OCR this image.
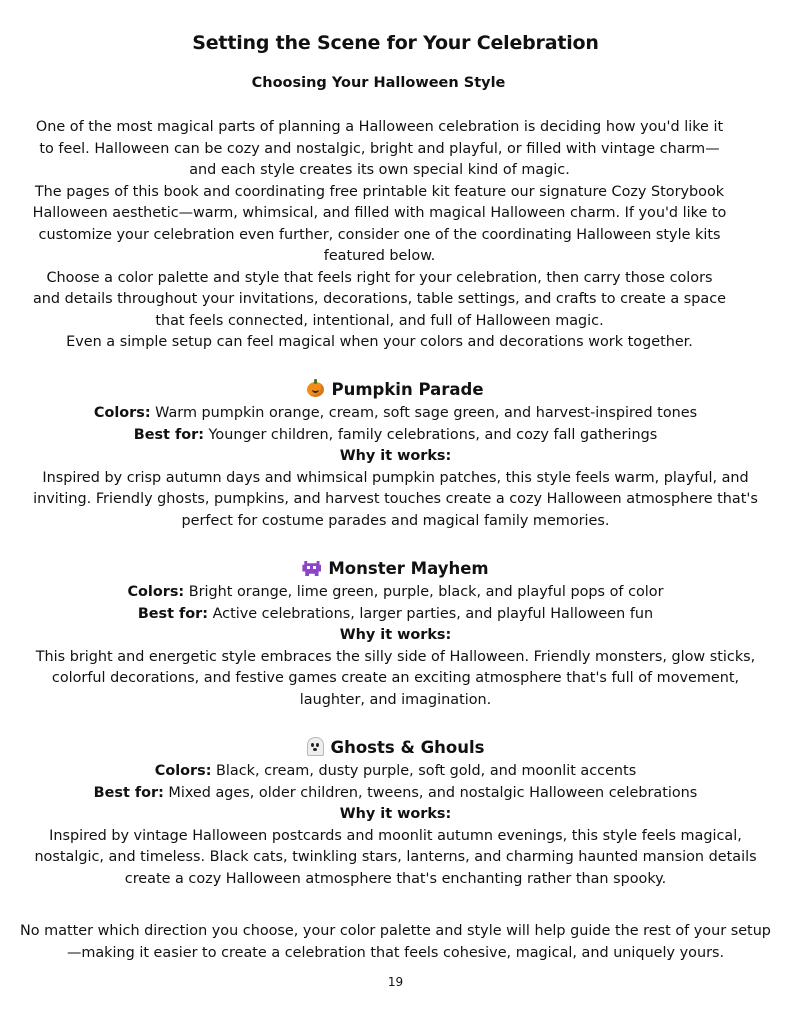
Setting the Scene for Your Celebration
Choosing Your Halloween Style

One of the most magical parts of planning a Halloween celebration is deciding how you'd like it to feel. Halloween can be cozy and nostalgic, bright and playful, or filled with vintage charm—and each style creates its own special kind of magic.

The pages of this book and coordinating free printable kit feature our signature Cozy Storybook Halloween aesthetic—warm, whimsical, and filled with magical Halloween charm. If you'd like to customize your celebration even further, consider one of the coordinating Halloween style kits featured below.

Choose a color palette and style that feels right for your celebration, then carry those colors and details throughout your invitations, decorations, table settings, and crafts to create a space that feels connected, intentional, and full of Halloween magic.

Even a simple setup can feel magical when your colors and decorations work together.

Pumpkin Parade

Colors: Warm pumpkin orange, cream, soft sage green, and harvest-inspired tones

Best for: Younger children, family celebrations, and cozy fall gatherings

Why it works:

Inspired by crisp autumn days and whimsical pumpkin patches, this style feels warm, playful, and inviting. Friendly ghosts, pumpkins, and harvest touches create a cozy Halloween atmosphere that's perfect for costume parades and magical family memories.

Monster Mayhem

Colors: Bright orange, lime green, purple, black, and playful pops of color

Best for: Active celebrations, larger parties, and playful Halloween fun

Why it works:

This bright and energetic style embraces the silly side of Halloween. Friendly monsters, glow sticks, colorful decorations, and festive games create an exciting atmosphere that's full of movement, laughter, and imagination.

Ghosts & Ghouls

Colors: Black, cream, dusty purple, soft gold, and moonlit accents

Best for: Mixed ages, older children, tweens, and nostalgic Halloween celebrations

Why it works:

Inspired by vintage Halloween postcards and moonlit autumn evenings, this style feels magical, nostalgic, and timeless. Black cats, twinkling stars, lanterns, and charming haunted mansion details create a cozy Halloween atmosphere that's enchanting rather than spooky.

No matter which direction you choose, your color palette and style will help guide the rest of your setup—making it easier to create a celebration that feels cohesive, magical, and uniquely yours.

19
